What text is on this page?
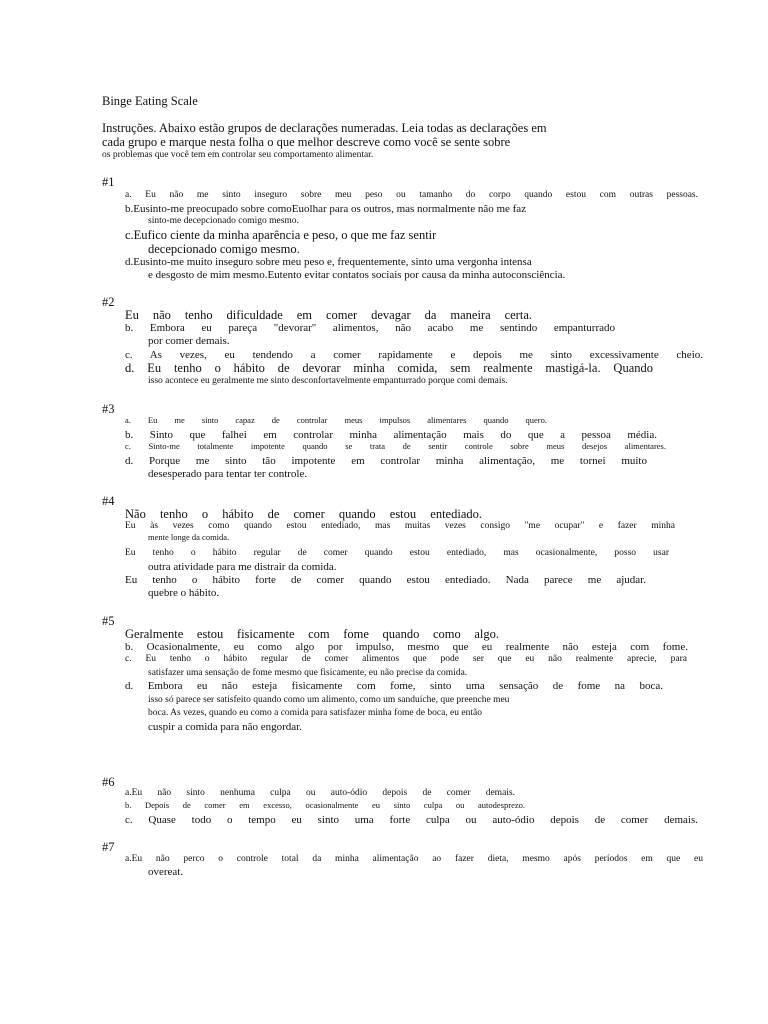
Binge Eating Scale
Instruções. Abaixo estão grupos de declarações numeradas. Leia todas as declarações em
cada grupo e marque nesta folha o que melhor descreve como você se sente sobre
os problemas que você tem em controlar seu comportamento alimentar.
#1
a. Eu não me sinto inseguro sobre meu peso ou tamanho do corpo quando estou com outras pessoas.
b.Eusinto-me preocupado sobre comoEuolhar para os outros, mas normalmente não me faz
sinto-me decepcionado comigo mesmo.
c.Eufico ciente da minha aparência e peso, o que me faz sentir
decepcionado comigo mesmo.
d.Eusinto-me muito inseguro sobre meu peso e, frequentemente, sinto uma vergonha intensa
e desgosto de mim mesmo.Eutento evitar contatos sociais por causa da minha autoconsciência.
#2
Eu não tenho dificuldade em comer devagar da maneira certa.
b. Embora eu pareça "devorar" alimentos, não acabo me sentindo empanturrado
por comer demais.
c. As vezes, eu tendendo a comer rapidamente e depois me sinto excessivamente cheio.
d. Eu tenho o hábito de devorar minha comida, sem realmente mastigá-la. Quando
isso acontece eu geralmente me sinto desconfortavelmente empanturrado porque comi demais.
#3
a. Eu me sinto capaz de controlar meus impulsos alimentares quando quero.
b. Sinto que falhei em controlar minha alimentação mais do que a pessoa média.
c. Sinto-me totalmente impotente quando se trata de sentir controle sobre meus desejos alimentares.
d. Porque me sinto tão impotente em controlar minha alimentação, me tornei muito
desesperado para tentar ter controle.
#4
Não tenho o hábito de comer quando estou entediado.
Eu às vezes como quando estou entediado, mas muitas vezes consigo "me ocupar" e fazer minha
mente longe da comida.
Eu tenho o hábito regular de comer quando estou entediado, mas ocasionalmente, posso usar
outra atividade para me distrair da comida.
Eu tenho o hábito forte de comer quando estou entediado. Nada parece me ajudar.
quebre o hábito.
#5
Geralmente estou fisicamente com fome quando como algo.
b. Ocasionalmente, eu como algo por impulso, mesmo que eu realmente não esteja com fome.
c. Eu tenho o hábito regular de comer alimentos que pode ser que eu não realmente aprecie, para
satisfazer uma sensação de fome mesmo que fisicamente, eu não precise da comida.
d. Embora eu não esteja fisicamente com fome, sinto uma sensação de fome na boca.
isso só parece ser satisfeito quando como um alimento, como um sanduíche, que preenche meu
boca. As vezes, quando eu como a comida para satisfazer minha fome de boca, eu então
cuspir a comida para não engordar.
#6
a.Eu não sinto nenhuma culpa ou auto-ódio depois de comer demais.
b. Depois de comer em excesso, ocasionalmente eu sinto culpa ou autodesprezo.
c. Quase todo o tempo eu sinto uma forte culpa ou auto-ódio depois de comer demais.
#7
a.Eu não perco o controle total da minha alimentação ao fazer dieta, mesmo após períodos em que eu
overeat.
